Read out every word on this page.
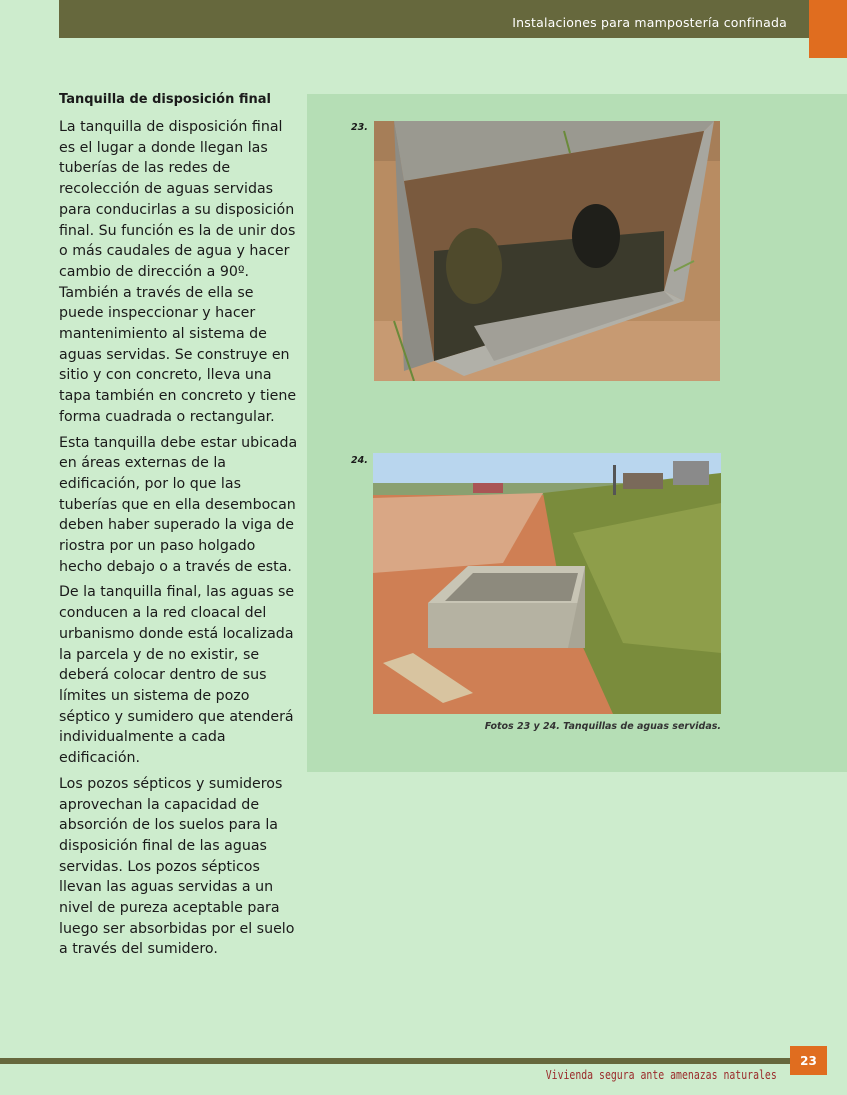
Instalaciones para mampostería confinada
Tanquilla de disposición final

La tanquilla de disposición final es el lugar a donde llegan las tuberías de las redes de recolección de aguas servidas para conducirlas a su disposición final. Su función es la de unir dos o más caudales de agua y hacer cambio de dirección a 90º. También a través de ella se puede inspeccionar y hacer mantenimiento al sistema de aguas servidas. Se construye en sitio y con concreto, lleva una tapa también en concreto y tiene forma cuadrada o rectangular.

Esta tanquilla debe estar ubicada en áreas externas de la edificación, por lo que las tuberías que en ella desembocan deben haber superado la viga de riostra por un paso holgado hecho debajo o a través de esta.

De la tanquilla final, las aguas se conducen a la red cloacal del urbanismo donde está localizada la parcela y de no existir, se deberá colocar dentro de sus límites un sistema de pozo séptico y sumidero que atenderá individualmente a cada edificación.

Los pozos sépticos y sumideros aprovechan la capacidad de absorción de los suelos para la disposición final de las aguas servidas. Los pozos sépticos llevan las aguas servidas a un nivel de pureza aceptable para luego ser absorbidas por el suelo a través del sumidero.

23.
24.
Fotos 23 y 24. Tanquillas de aguas servidas.
23
Vivienda segura ante amenazas naturales
